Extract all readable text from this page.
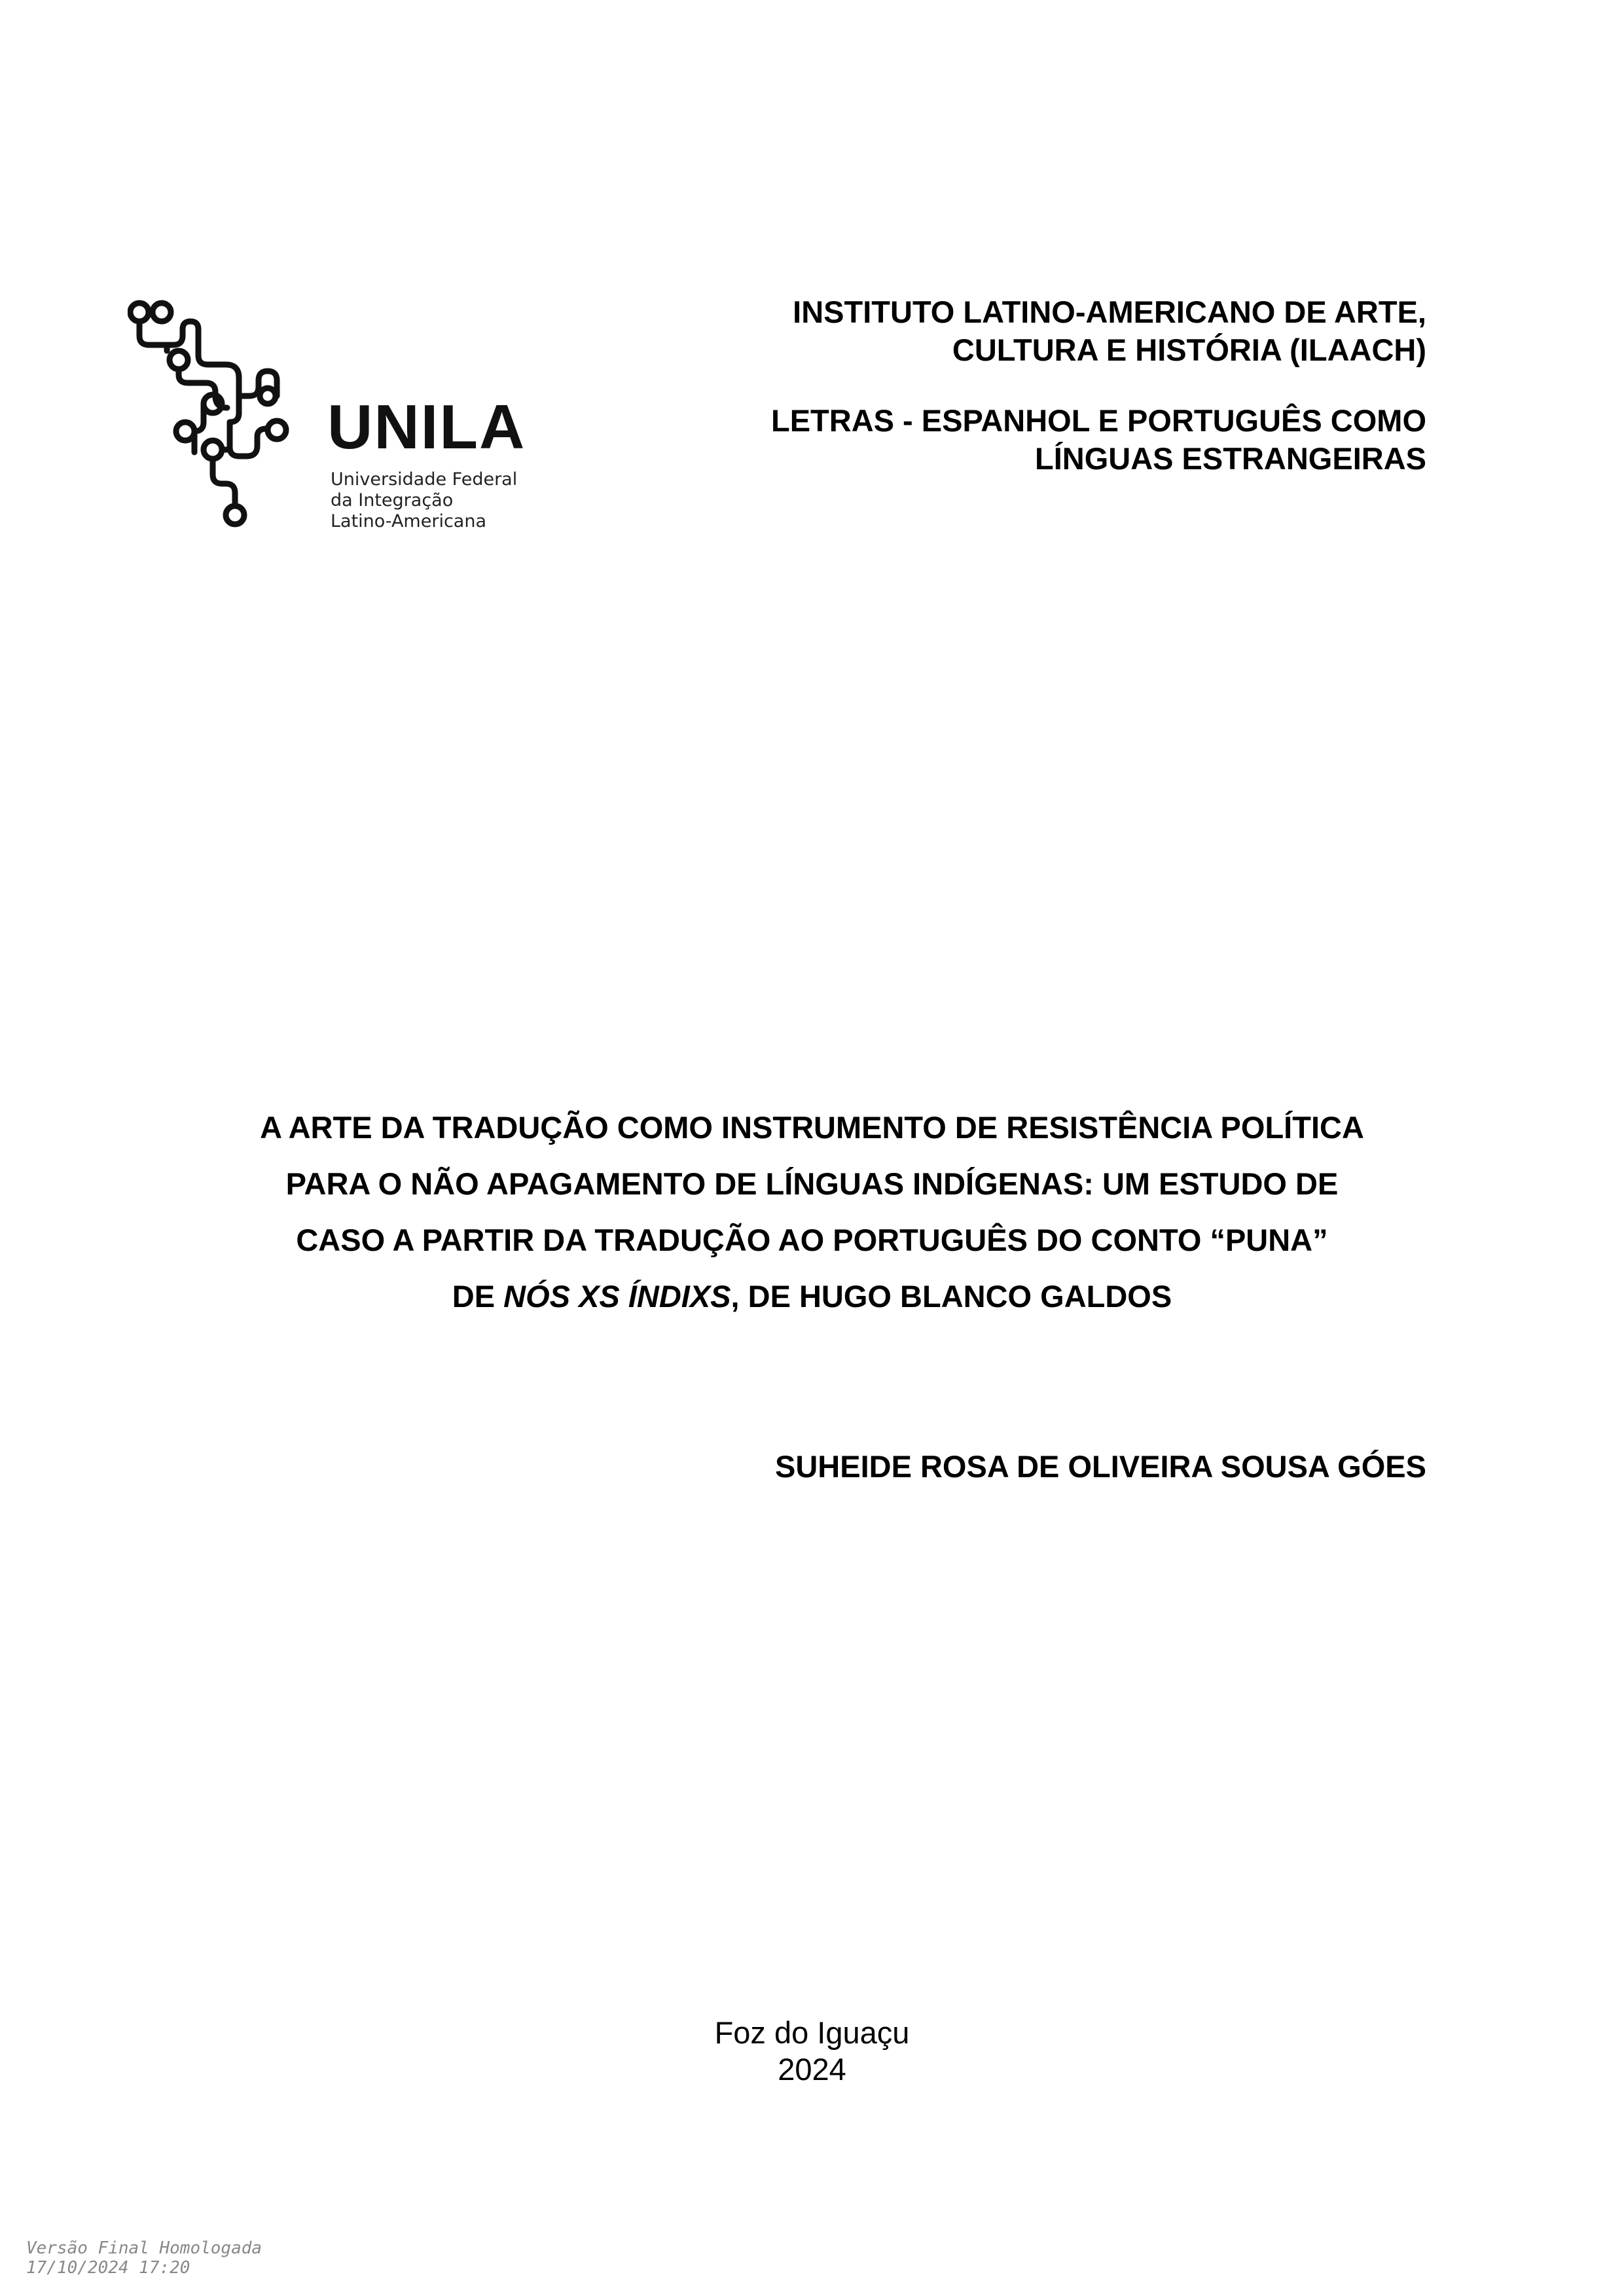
UNILA
Universidade Federal
da Integração
Latino-Americana
INSTITUTO LATINO-AMERICANO DE ARTE,
CULTURA E HISTÓRIA (ILAACH)
LETRAS - ESPANHOL E PORTUGUÊS COMO
LÍNGUAS ESTRANGEIRAS
A ARTE DA TRADUÇÃO COMO INSTRUMENTO DE RESISTÊNCIA POLÍTICA
PARA O NÃO APAGAMENTO DE LÍNGUAS INDÍGENAS: UM ESTUDO DE
CASO A PARTIR DA TRADUÇÃO AO PORTUGUÊS DO CONTO “PUNA”
DE NÓS XS ÍNDIXS, DE HUGO BLANCO GALDOS
SUHEIDE ROSA DE OLIVEIRA SOUSA GÓES
Foz do Iguaçu
2024
Versão Final Homologada
17/10/2024 17:20
